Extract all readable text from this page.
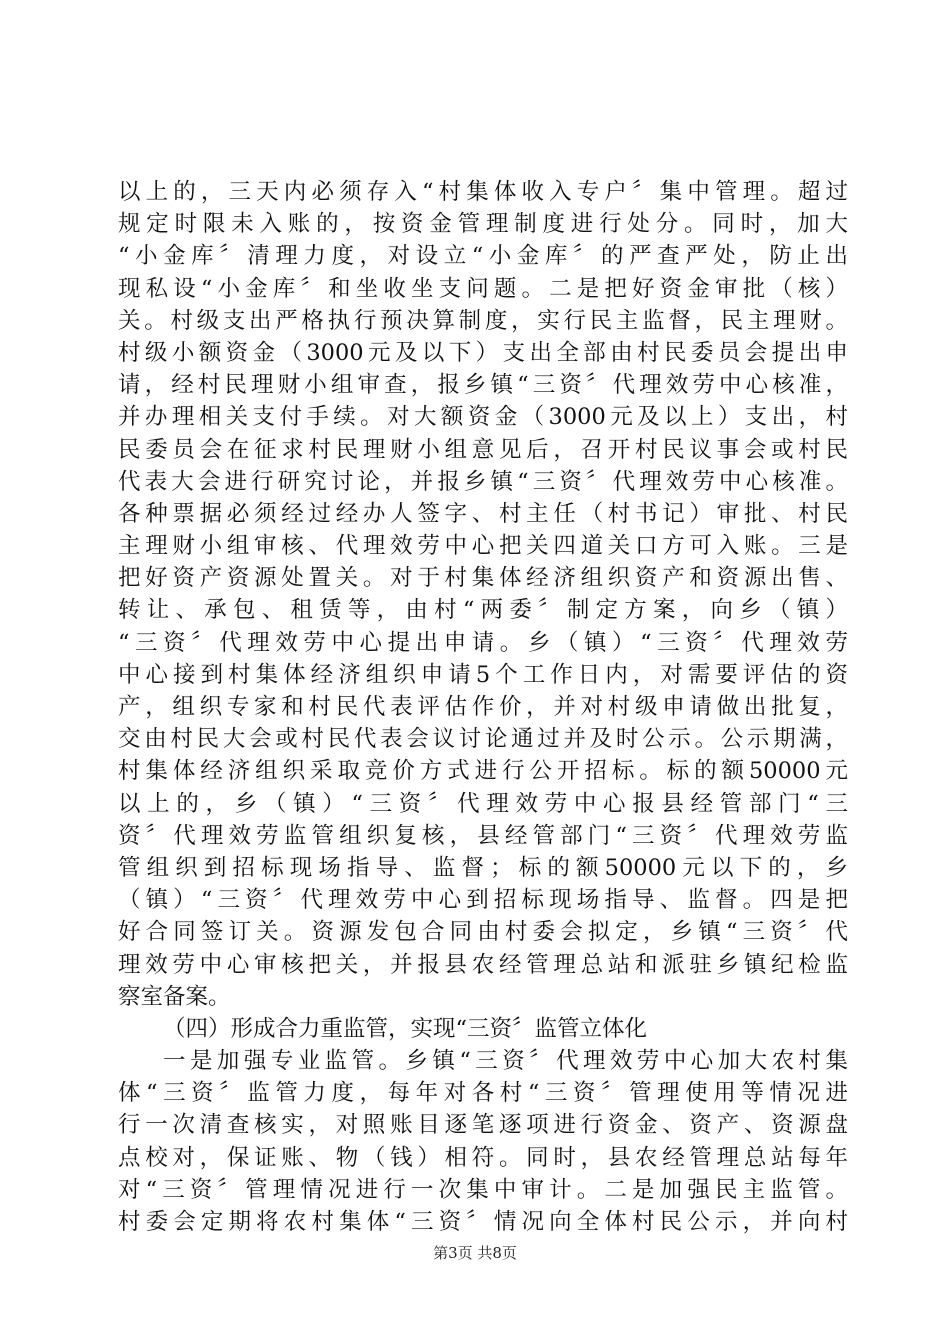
以上的，三天内必须存入“村集体收入专户〞集中管理。超过
规定时限未入账的，按资金管理制度进行处分。同时，加大
“小金库〞清理力度，对设立“小金库〞的严查严处，防止出
现私设“小金库〞和坐收坐支问题。二是把好资金审批（核）
关。村级支出严格执行预决算制度，实行民主监督，民主理财。
村级小额资金（3000元及以下）支出全部由村民委员会提出申
请，经村民理财小组审查，报乡镇“三资〞代理效劳中心核准，
并办理相关支付手续。对大额资金（3000元及以上）支出，村
民委员会在征求村民理财小组意见后，召开村民议事会或村民
代表大会进行研究讨论，并报乡镇“三资〞代理效劳中心核准。
各种票据必须经过经办人签字、村主任（村书记）审批、村民
主理财小组审核、代理效劳中心把关四道关口方可入账。三是
把好资产资源处置关。对于村集体经济组织资产和资源出售、
转让、承包、租赁等，由村“两委〞制定方案，向乡（镇）
“三资〞代理效劳中心提出申请。乡（镇）“三资〞代理效劳
中心接到村集体经济组织申请5个工作日内，对需要评估的资
产，组织专家和村民代表评估作价，并对村级申请做出批复，
交由村民大会或村民代表会议讨论通过并及时公示。公示期满，
村集体经济组织采取竞价方式进行公开招标。标的额50000元
以上的，乡（镇）“三资〞代理效劳中心报县经管部门“三
资〞代理效劳监管组织复核，县经管部门“三资〞代理效劳监
管组织到招标现场指导、监督；标的额50000元以下的，乡
（镇）“三资〞代理效劳中心到招标现场指导、监督。四是把
好合同签订关。资源发包合同由村委会拟定，乡镇“三资〞代
理效劳中心审核把关，并报县农经管理总站和派驻乡镇纪检监
察室备案。
（四）形成合力重监管，实现“三资〞监管立体化
一是加强专业监管。乡镇“三资〞代理效劳中心加大农村集
体“三资〞监管力度，每年对各村“三资〞管理使用等情况进
行一次清查核实，对照账目逐笔逐项进行资金、资产、资源盘
点校对，保证账、物（钱）相符。同时，县农经管理总站每年
对“三资〞管理情况进行一次集中审计。二是加强民主监管。
村委会定期将农村集体“三资〞情况向全体村民公示，并向村
第3页 共8页
